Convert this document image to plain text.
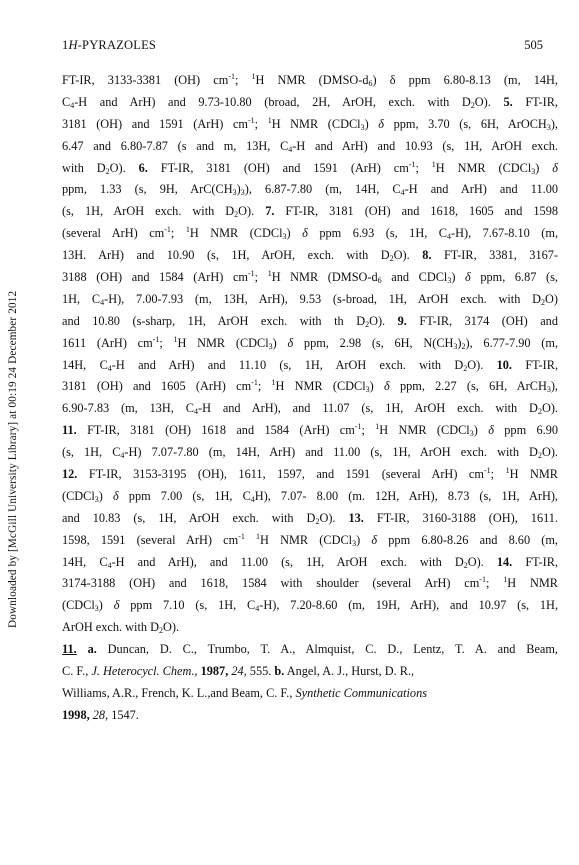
1H-PYRAZOLES	505
Downloaded by [McGill University Library] at 00:19 24 December 2012
FT-IR, 3133-3381 (OH) $cm^{-1}$; $^1$H NMR $(DMSO-d_6)$ δ ppm 6.80-8.13 (m, 14H,
$C_4-H$ and ArH) and 9.73-10.80 (broad, 2H, ArOH, exch. with $D_2O$). 5. FT-IR,
3181 (OH) and 1591 (ArH) $cm^{-1}$; $^1$H NMR (CDCl$_3$) δ ppm, 3.70 (s, 6H, ArOCH$_3$),
6.47 and 6.80-7.87 (s and m, 13H, $C_4-H$ and ArH) and 10.93 (s, 1H, ArOH exch.
with $D_2O$). 6. FT-IR, 3181 (OH) and 1591 (ArH) $cm^{-1}$; $^1$H NMR (CDCl$_3$) δ
ppm, 1.33 (s, 9H, $ArC(CH_3)_3$), 6.87-7.80 (m, 14H, $C_4-H$ and ArH) and 11.00
(s, 1H, ArOH exch. with $D_2O$). 7. FT-IR, 3181 (OH) and 1618, 1605 and 1598
(several ArH) $cm^{-1}$; $^1$H NMR (CDCl$_3$) δ ppm 6.93 (s, 1H, $C_4-H$), 7.67-8.10 (m,
13H. ArH) and 10.90 (s, 1H, ArOH, exch. with $D_2O$). 8. FT-IR, 3381, 3167-
3188 (OH) and 1584 (ArH) $cm^{-1}$; $^1$H NMR ($DMSO-d_6$ and CDCl$_3$) δ ppm, 6.87 (s,
1H, $C_4-H$), 7.00-7.93 (m, 13H, ArH), 9.53 (s-broad, 1H, ArOH exch. with $D_2O$)
and 10.80 (s-sharp, 1H, ArOH exch. with th $D_2O$). 9. FT-IR, 3174 (OH) and
1611 (ArH) $cm^{-1}$; $^1$H NMR (CDCl$_3$) δ ppm, 2.98 (s, 6H, $N(CH_3)_2$), 6.77-7.90 (m,
14H, $C_4-H$ and ArH) and 11.10 (s, 1H, ArOH exch. with $D_2O$). 10. FT-IR,
3181 (OH) and 1605 (ArH) $cm^{-1}$; $^1$H NMR (CDCl$_3$) δ ppm, 2.27 (s, 6H, ArCH$_3$),
6.90-7.83 (m, 13H, $C_4-H$ and ArH), and 11.07 (s, 1H, ArOH exch. with $D_2O$).
11. FT-IR, 3181 (OH) 1618 and 1584 (ArH) $cm^{-1}$; $^1$H NMR (CDCl$_3$) δ ppm 6.90
(s, 1H, $C_4-H$) 7.07-7.80 (m, 14H, ArH) and 11.00 (s, 1H, ArOH exch. with $D_2O$).
12. FT-IR, 3153-3195 (OH), 1611, 1597, and 1591 (several ArH) $cm^{-1}$; $^1$H NMR
(CDCl$_3$) δ ppm 7.00 (s, 1H, $C_4H$), 7.07- 8.00 (m. 12H, ArH), 8.73 (s, 1H, ArH),
and 10.83 (s, 1H, ArOH exch. with $D_2O$). 13. FT-IR, 3160-3188 (OH), 1611.
1598, 1591 (several ArH) $cm^{-1}$ $^1$H NMR (CDCl$_3$) δ ppm 6.80-8.26 and 8.60 (m,
14H, $C_4-H$ and ArH), and 11.00 (s, 1H, ArOH exch. with $D_2O$). 14. FT-IR,
3174-3188 (OH) and 1618, 1584 with shoulder (several ArH) $cm^{-1}$; $^1$H NMR
(CDCl$_3$) δ ppm 7.10 (s, 1H, $C_4-H$), 7.20-8.60 (m, 19H, ArH), and 10.97 (s, 1H,
ArOH exch. with $D_2O$).
11. a. Duncan, D. C., Trumbo, T. A., Almquist, C. D., Lentz, T. A. and Beam,
C. F., J. Heterocycl. Chem., 1987, 24, 555. b. Angel, A. J., Hurst, D. R.,
Williams, A.R., French, K. L.,and Beam, C. F., Synthetic Communications
1998, 28, 1547.
